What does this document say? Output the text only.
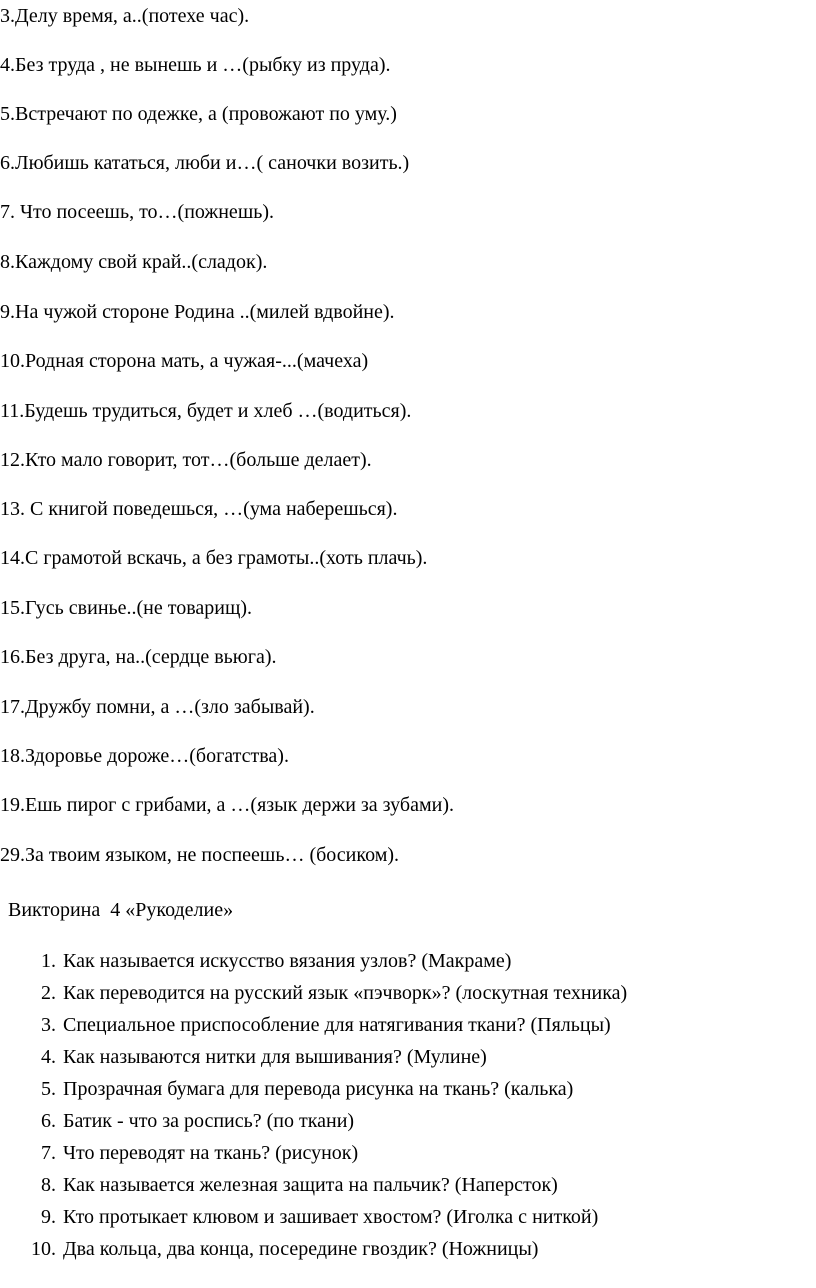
3.Делу время, а..(потехе час).
4.Без труда , не вынешь и …(рыбку из пруда).
5.Встречают по одежке, а (провожают по уму.)
6.Любишь кататься, люби и…( саночки возить.)
7. Что посеешь, то…(пожнешь).
8.Каждому свой край..(сладок).
9.На чужой стороне Родина ..(милей вдвойне).
10.Родная сторона мать, а чужая-...(мачеха)
11.Будешь трудиться, будет и хлеб …(водиться).
12.Кто мало говорит, тот…(больше делает).
13. С книгой поведешься, …(ума наберешься).
14.С грамотой вскачь, а без грамоты..(хоть плачь).
15.Гусь свинье..(не товарищ).
16.Без друга, на..(сердце вьюга).
17.Дружбу помни, а …(зло забывай).
18.Здоровье дороже…(богатства).
19.Ешь пирог с грибами, а …(язык держи за зубами).
29.За твоим языком, не поспеешь… (босиком).
Викторина  4 «Рукоделие»
1. Как называется искусство вязания узлов? (Макраме)
2. Как переводится на русский язык «пэчворк»? (лоскутная техника)
3. Специальное приспособление для натягивания ткани? (Пяльцы)
4. Как называются нитки для вышивания? (Мулине)
5. Прозрачная бумага для перевода рисунка на ткань? (калька)
6. Батик - что за роспись? (по ткани)
7. Что переводят на ткань? (рисунок)
8. Как называется железная защита на пальчик? (Наперсток)
9. Кто протыкает клювом и зашивает хвостом? (Иголка с ниткой)
10. Два кольца, два конца, посередине гвоздик? (Ножницы)
